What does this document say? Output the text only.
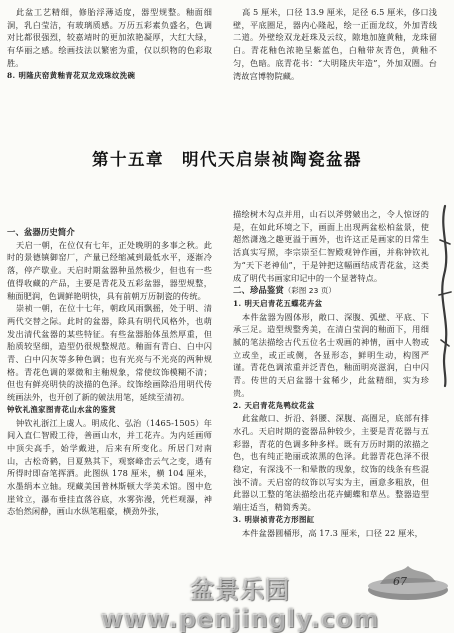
此盆工艺精细，修胎浮薄适度，器型规整。釉面细洞，乳白莹洁，有玻璃质感。万历五彩素负盛名，色调对比都很强烈，较嘉靖时的更加浓艳凝厚，大红大绿，有华丽之感。绘画技法以繁密为重，仅以织物的色彩取胜。

8. 明隆庆窑黄釉青花双龙戏珠纹洗碗

高 5 厘米，口径 13.9 厘米，足径 6.5 厘米，侈口浅壁，平底圈足，器内心隆起，绘一正面龙纹，外加青线二道。外壁绘双龙赶珠及云纹，隙地加施黄釉，龙珠留白。青花釉色浓艳呈紫蓝色，白釉带灰青色，黄釉不匀，色暗。底青花书：“大明隆庆年造”，外加双圈。台湾故宫博物院藏。

第十五章　明代天启崇祯陶瓷盆器

一、盆器历史简介

天启一朝，在位仅有七年，正处晚明的多事之秋。此时的景德镇御窑厂，产量已经缩减到最低水平，逐渐冷落，停产歇业。天启时期盆器种虽然极少，但也有一些值得收藏的产品，主要是青花及五彩盆器，器型规整，釉面肥润，色调鲜艳明快，具有前朝万历制瓷的传统。

崇祯一朝，在位十七年，朝政风雨飘摇，处于明、清两代交替之际。此时的盆器，除具有明代风格外，也萌发出清代盆器的某些特征。有些盆器胎体虽然厚重，但胎质较坚细，造型仍很规整规范。釉面有青白、白中闪青、白中闪灰等多种色调；也有光亮与不光亮的两种规格。青花色调的翠微和主釉规象，常使纹饰模糊不清；但也有鲜亮明快的淡描的色泽。纹饰绘画除沿用明代传统画法外，也开创了新的皴法用笔，延续至清初。

钟钦礼渔家图青花山水盆的鉴赏

钟钦礼浙江上虞人。明成化、弘治（1465-1505）年间入直仁智殿工待，善画山水，并工花卉。为内廷画师中顶尖高手，始学戴进，后来有所变化。所居门对南山，古松奇鹤，目夏熟其下，观察峰峦云气之变，遇有所得时即奋笔挥洒。此图纵 178 厘米，横 104 厘米，水墨绢本立轴。现藏美国普林斯顿大学美术馆。图中危崖耸立，瀑布垂挂直落谷底，水雾弥漫，凭栏观瀑，神态怡然闲静，画山水纵笔粗豪，横劲外张，

描绘树木勾点并用，山石以斧劈皴出之，令人惊讶的是，在如此环境之下，画面上出现两盆松柏盆景，使超然潇逸之趣更溢于画外，也许这正是画家的日常生活真实写照，李宗崇至仁智殿观钟作画，并称钟钦礼为“天下老神仙”，于是钟把这幅画结成青花盆，这类成了明代书画家印记中的一个显著特点。

二、珍品鉴赏（彩图 23 页）

1. 明天启青花五蝶花卉盆

本件盆器为圆体形，敞口、深腹、弧壁、平底、下承三足。造型规整秀美，在清白莹润的釉面下，用细腻的笔法描绘古代五位名士观画的神情，画中人物或立或坐，或正或侧，各显形态，鲜明生动，构图严谨。青花色调浓重并泛青色，釉面明亮滋润，白中闪青。传世的天启盆器十盆稀少，此盆精细，实为珍贵。

2. 天启青花凫鸭纹花盆

此盆敞口、折沿、斜腰、深腹、高圈足，底部有排水孔。天启时期的瓷器品种较少，主要是青花器与五彩器，青花的色调多种多样。既有万历时期的浓描之色，也有纯正艳丽或浓黑的色泽。此器青花色泽不很稳定，有深浅不一和晕散的现象，纹饰的线条有些混浊不清。天启窑的纹饰以写实为主，画意多粗放，但此器以工整的笔法描绘出花卉蝴蝶和草丛。整器造型端庄适当，精简秀美。

3. 明崇祯青花方形图缸

本件盆器圆桶形，高 17.3 厘米，口径 22 厘米，

67
盆景乐园 www.penjingly.com
